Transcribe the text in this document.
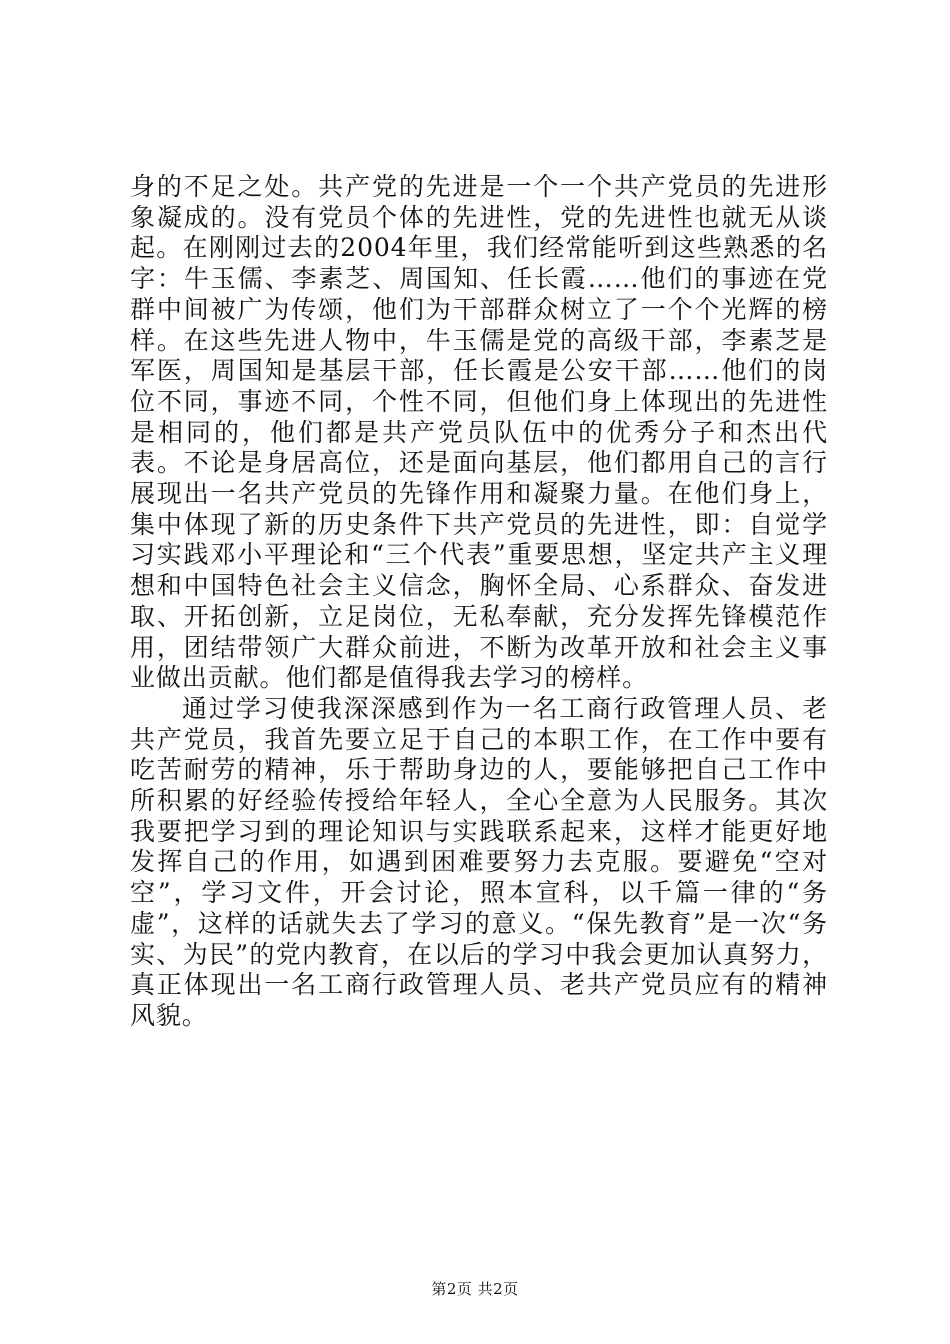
身的不足之处。共产党的先进是一个一个共产党员的先进形象凝成的。没有党员个体的先进性，党的先进性也就无从谈起。在刚刚过去的2004年里，我们经常能听到这些熟悉的名字：牛玉儒、李素芝、周国知、任长霞……他们的事迹在党群中间被广为传颂，他们为干部群众树立了一个个光辉的榜样。在这些先进人物中，牛玉儒是党的高级干部，李素芝是军医，周国知是基层干部，任长霞是公安干部……他们的岗位不同，事迹不同，个性不同，但他们身上体现出的先进性是相同的，他们都是共产党员队伍中的优秀分子和杰出代表。不论是身居高位，还是面向基层，他们都用自己的言行展现出一名共产党员的先锋作用和凝聚力量。在他们身上，集中体现了新的历史条件下共产党员的先进性，即：自觉学习实践邓小平理论和“三个代表”重要思想，坚定共产主义理想和中国特色社会主义信念，胸怀全局、心系群众、奋发进取、开拓创新，立足岗位，无私奉献，充分发挥先锋模范作用，团结带领广大群众前进，不断为改革开放和社会主义事业做出贡献。他们都是值得我去学习的榜样。

通过学习使我深深感到作为一名工商行政管理人员、老共产党员，我首先要立足于自己的本职工作，在工作中要有吃苦耐劳的精神，乐于帮助身边的人，要能够把自己工作中所积累的好经验传授给年轻人，全心全意为人民服务。其次我要把学习到的理论知识与实践联系起来，这样才能更好地发挥自己的作用，如遇到困难要努力去克服。要避免“空对空”，学习文件，开会讨论，照本宣科，以千篇一律的“务虚”，这样的话就失去了学习的意义。“保先教育”是一次“务实、为民”的党内教育，在以后的学习中我会更加认真努力，真正体现出一名工商行政管理人员、老共产党员应有的精神风貌。

第2页 共2页
